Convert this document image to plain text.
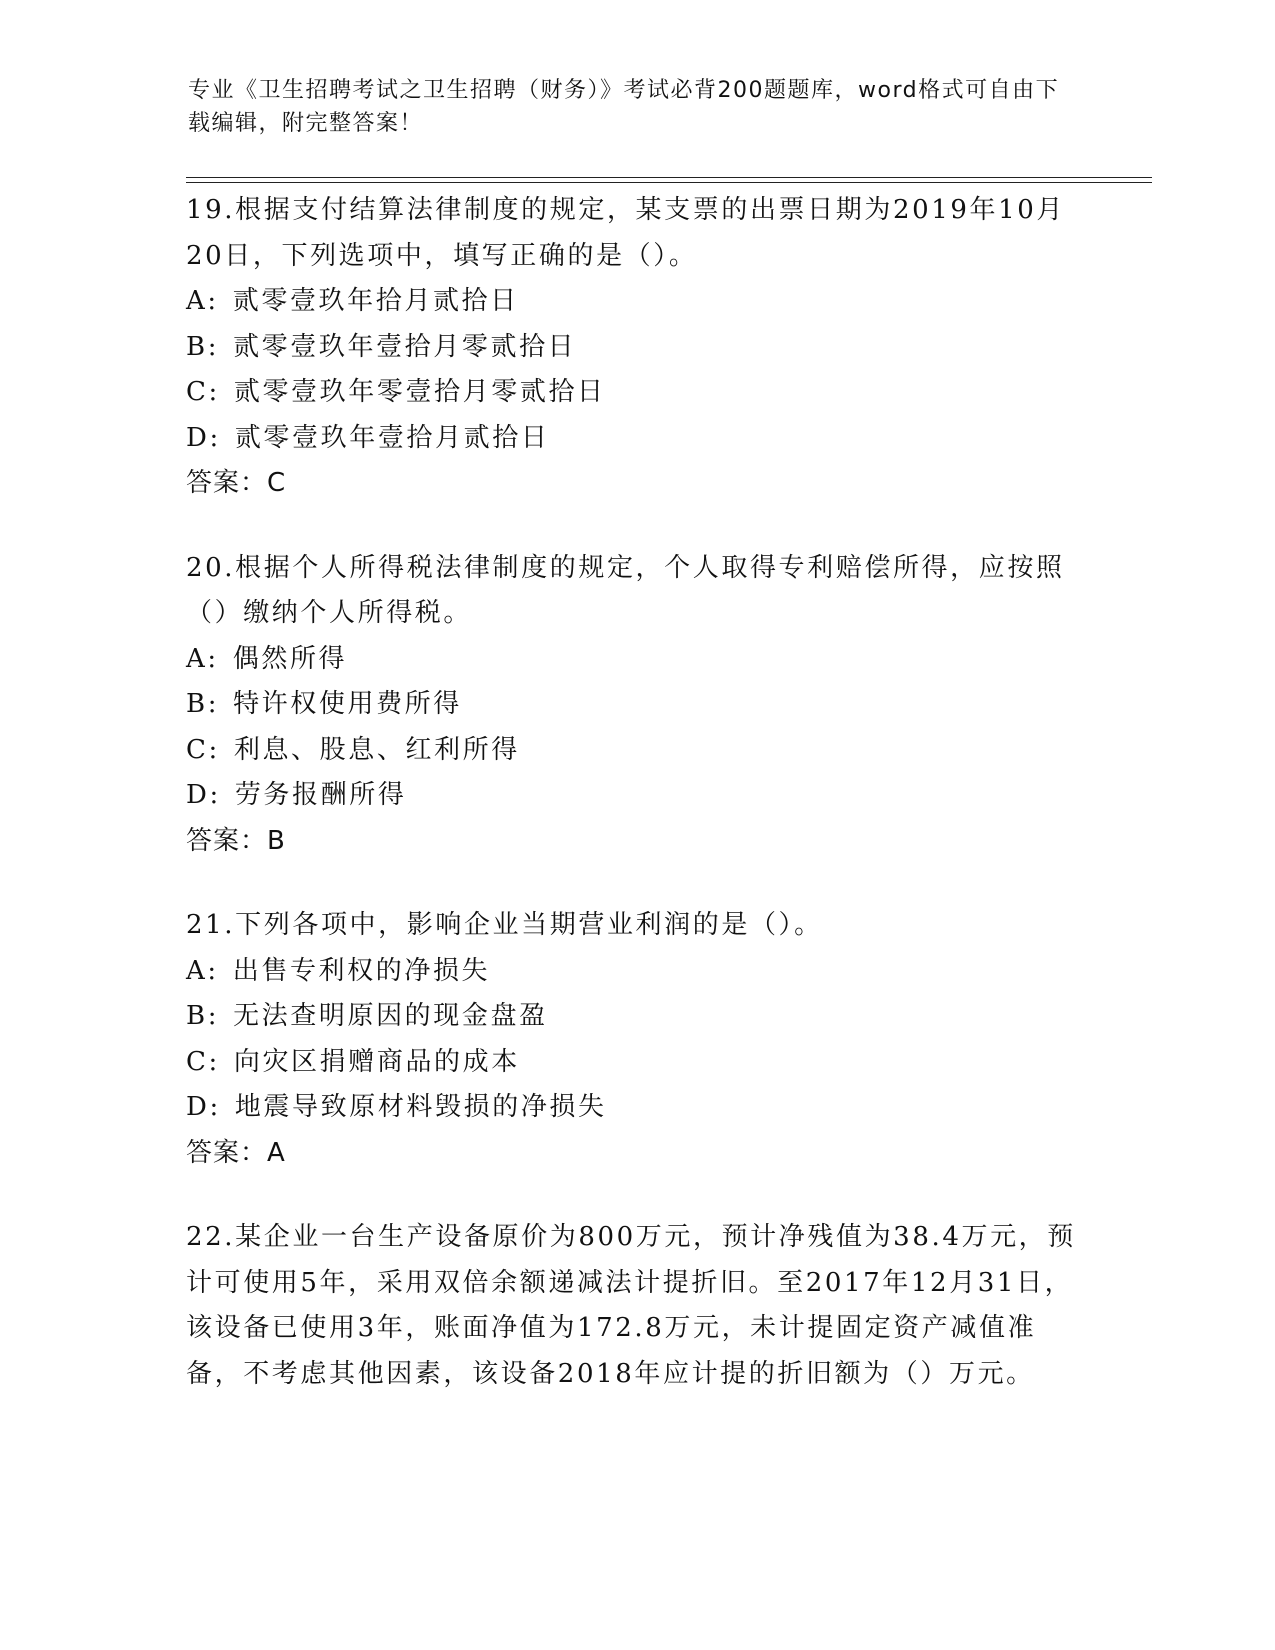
专业《卫生招聘考试之卫生招聘（财务）》考试必背200题题库，word格式可自由下载编辑，附完整答案！
19.根据支付结算法律制度的规定，某支票的出票日期为2019年10月20日，下列选项中，填写正确的是（）。
A: 贰零壹玖年拾月贰拾日
B: 贰零壹玖年壹拾月零贰拾日
C: 贰零壹玖年零壹拾月零贰拾日
D: 贰零壹玖年壹拾月贰拾日
答案：C
20.根据个人所得税法律制度的规定，个人取得专利赔偿所得，应按照（）缴纳个人所得税。
A: 偶然所得
B: 特许权使用费所得
C: 利息、股息、红利所得
D: 劳务报酬所得
答案：B
21.下列各项中，影响企业当期营业利润的是（）。
A: 出售专利权的净损失
B: 无法查明原因的现金盘盈
C: 向灾区捐赠商品的成本
D: 地震导致原材料毁损的净损失
答案：A
22.某企业一台生产设备原价为800万元，预计净残值为38.4万元，预计可使用5年，采用双倍余额递减法计提折旧。至2017年12月31日，该设备已使用3年，账面净值为172.8万元，未计提固定资产减值准备，不考虑其他因素，该设备2018年应计提的折旧额为（）万元。
